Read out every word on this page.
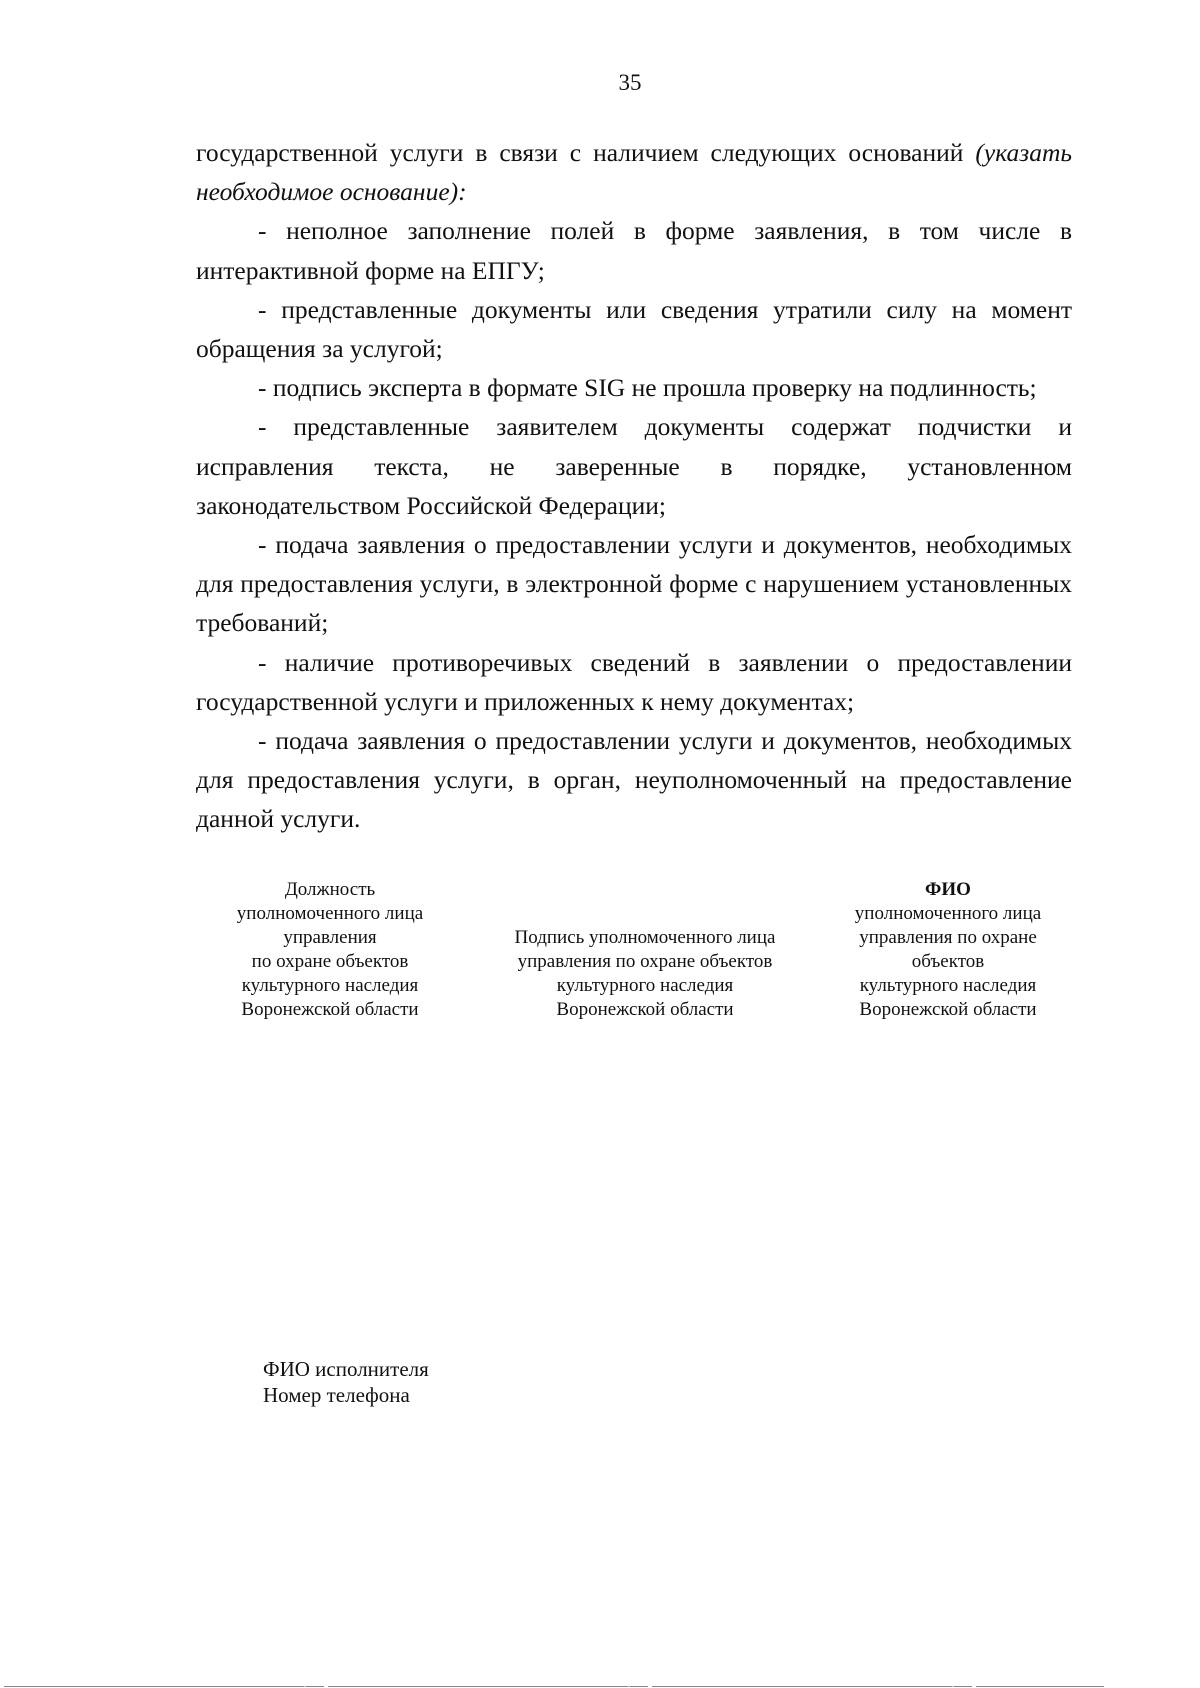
35

государственной услуги в связи с наличием следующих оснований (указать необходимое основание):

- неполное заполнение полей в форме заявления, в том числе в интерактивной форме на ЕПГУ;

- представленные документы или сведения утратили силу на момент обращения за услугой;

- подпись эксперта в формате SIG не прошла проверку на подлинность;

- представленные заявителем документы содержат подчистки и исправления текста, не заверенные в порядке, установленном законодательством Российской Федерации;

- подача заявления о предоставлении услуги и документов, необходимых для предоставления услуги, в электронной форме с нарушением установленных требований;

- наличие противоречивых сведений в заявлении о предоставлении государственной услуги и приложенных к нему документах;

- подача заявления о предоставлении услуги и документов, необходимых для предоставления услуги, в орган, неуполномоченный на предоставление данной услуги.

Должность
уполномоченного лица
управления
по охране объектов
культурного наследия
Воронежской области
Подпись уполномоченного лица
управления по охране объектов
культурного наследия
Воронежской области
ФИО
уполномоченного лица
управления по охране
объектов
культурного наследия
Воронежской области
ФИО исполнителя
Номер телефона
